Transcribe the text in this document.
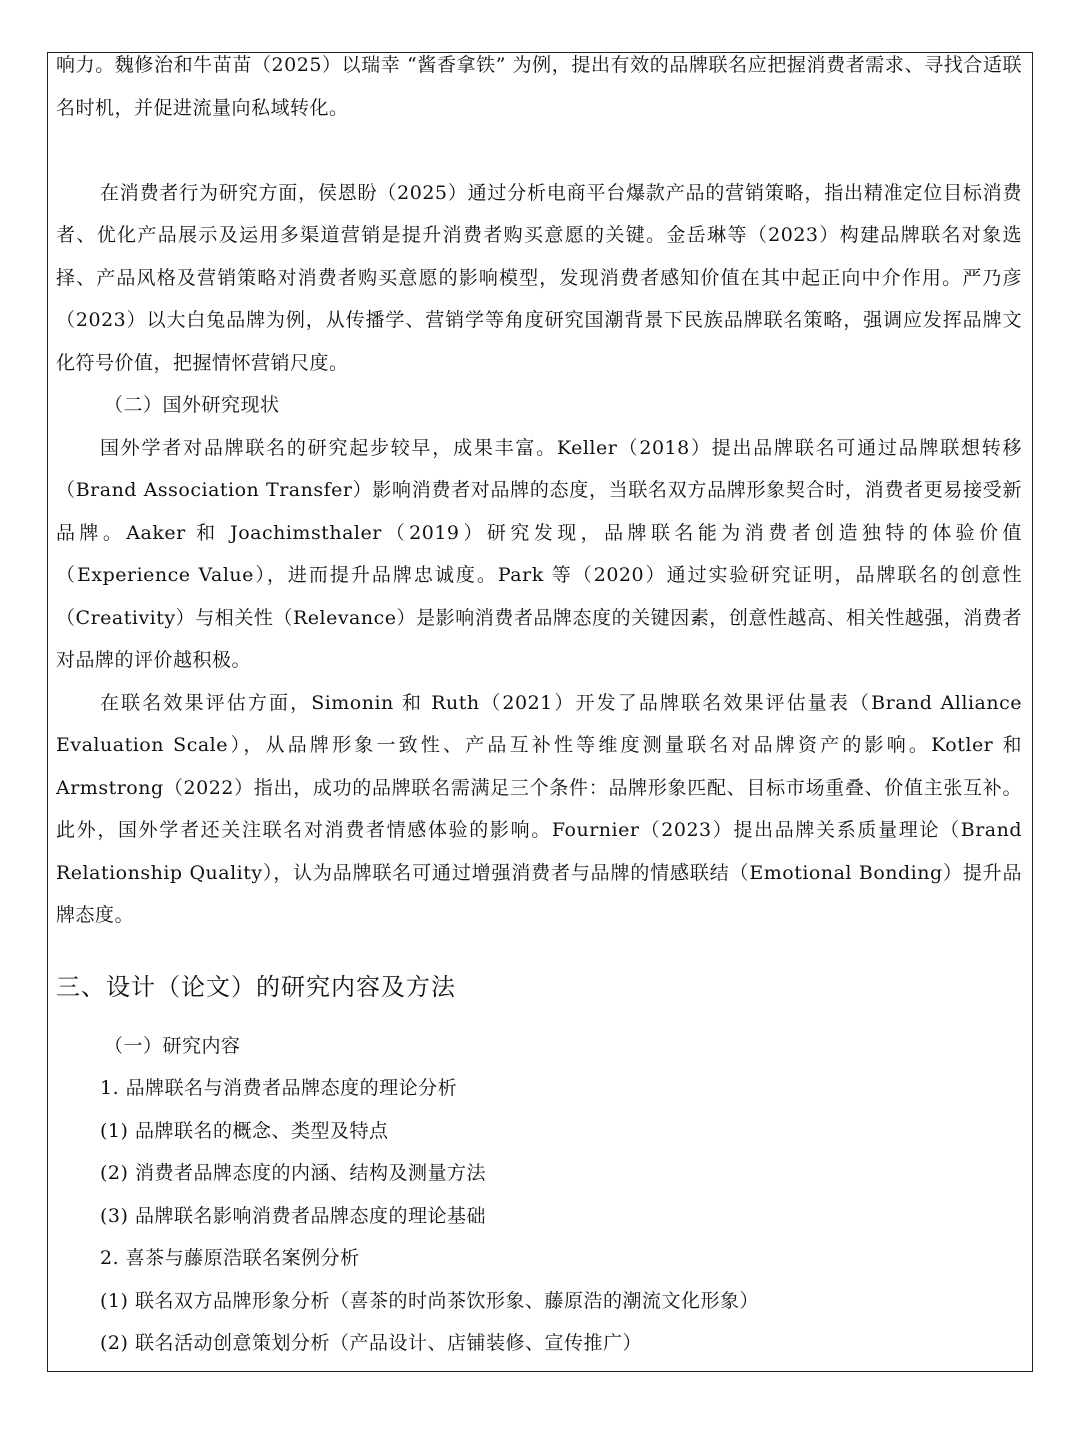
响力。魏修治和牛苗苗（2025）以瑞幸 “酱香拿铁” 为例，提出有效的品牌联名应把握消费者需求、寻找合适联名时机，并促进流量向私域转化。

在消费者行为研究方面，侯恩盼（2025）通过分析电商平台爆款产品的营销策略，指出精准定位目标消费者、优化产品展示及运用多渠道营销是提升消费者购买意愿的关键。金岳琳等（2023）构建品牌联名对象选择、产品风格及营销策略对消费者购买意愿的影响模型，发现消费者感知价值在其中起正向中介作用。严乃彦（2023）以大白兔品牌为例，从传播学、营销学等角度研究国潮背景下民族品牌联名策略，强调应发挥品牌文化符号价值，把握情怀营销尺度。

（二）国外研究现状

国外学者对品牌联名的研究起步较早，成果丰富。Keller（2018）提出品牌联名可通过品牌联想转移（Brand Association Transfer）影响消费者对品牌的态度，当联名双方品牌形象契合时，消费者更易接受新品牌。Aaker 和 Joachimsthaler（2019）研究发现，品牌联名能为消费者创造独特的体验价值（Experience Value），进而提升品牌忠诚度。Park 等（2020）通过实验研究证明，品牌联名的创意性（Creativity）与相关性（Relevance）是影响消费者品牌态度的关键因素，创意性越高、相关性越强，消费者对品牌的评价越积极。

在联名效果评估方面，Simonin 和 Ruth（2021）开发了品牌联名效果评估量表（Brand Alliance Evaluation Scale），从品牌形象一致性、产品互补性等维度测量联名对品牌资产的影响。Kotler 和 Armstrong（2022）指出，成功的品牌联名需满足三个条件：品牌形象匹配、目标市场重叠、价值主张互补。此外，国外学者还关注联名对消费者情感体验的影响。Fournier（2023）提出品牌关系质量理论（Brand Relationship Quality），认为品牌联名可通过增强消费者与品牌的情感联结（Emotional Bonding）提升品牌态度。

三、设计（论文）的研究内容及方法

（一）研究内容

1. 品牌联名与消费者品牌态度的理论分析

(1) 品牌联名的概念、类型及特点

(2) 消费者品牌态度的内涵、结构及测量方法

(3) 品牌联名影响消费者品牌态度的理论基础

2. 喜茶与藤原浩联名案例分析

(1) 联名双方品牌形象分析（喜茶的时尚茶饮形象、藤原浩的潮流文化形象）

(2) 联名活动创意策划分析（产品设计、店铺装修、宣传推广）
